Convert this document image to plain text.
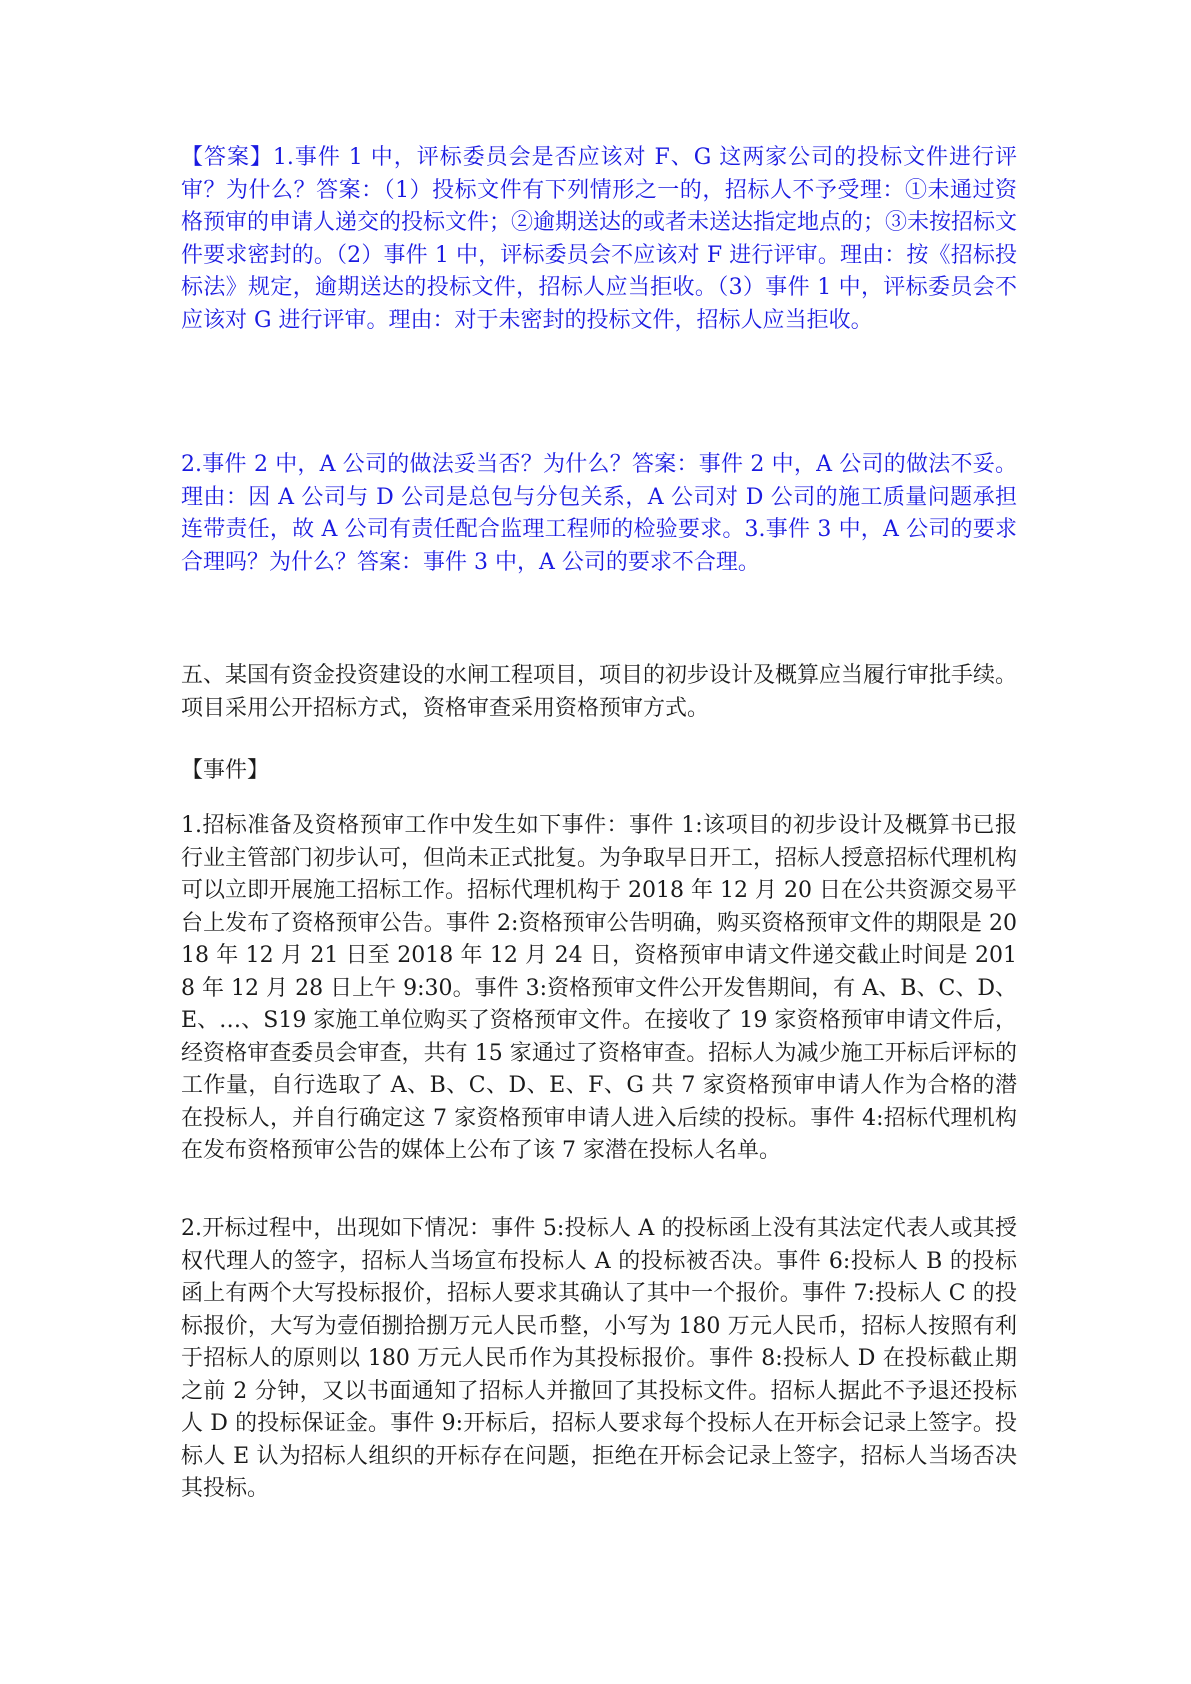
【答案】1.事件 1 中，评标委员会是否应该对 F、G 这两家公司的投标文件进行评审？为什么？答案：（1）投标文件有下列情形之一的，招标人不予受理：①未通过资格预审的申请人递交的投标文件；②逾期送达的或者未送达指定地点的；③未按招标文件要求密封的。（2）事件 1 中，评标委员会不应该对 F 进行评审。理由：按《招标投标法》规定，逾期送达的投标文件，招标人应当拒收。（3）事件 1 中，评标委员会不应该对 G 进行评审。理由：对于未密封的投标文件，招标人应当拒收。

2.事件 2 中，A 公司的做法妥当否？为什么？答案：事件 2 中，A 公司的做法不妥。理由：因 A 公司与 D 公司是总包与分包关系，A 公司对 D 公司的施工质量问题承担连带责任，故 A 公司有责任配合监理工程师的检验要求。3.事件 3 中，A 公司的要求合理吗？为什么？答案：事件 3 中，A 公司的要求不合理。

五、某国有资金投资建设的水闸工程项目，项目的初步设计及概算应当履行审批手续。项目采用公开招标方式，资格审查采用资格预审方式。

【事件】

1.招标准备及资格预审工作中发生如下事件：事件 1:该项目的初步设计及概算书已报行业主管部门初步认可，但尚未正式批复。为争取早日开工，招标人授意招标代理机构可以立即开展施工招标工作。招标代理机构于 2018 年 12 月 20 日在公共资源交易平台上发布了资格预审公告。事件 2:资格预审公告明确，购买资格预审文件的期限是 2018 年 12 月 21 日至 2018 年 12 月 24 日，资格预审申请文件递交截止时间是 2018 年 12 月 28 日上午 9:30。事件 3:资格预审文件公开发售期间，有 A、B、C、D、E、…、S19 家施工单位购买了资格预审文件。在接收了 19 家资格预审申请文件后，经资格审查委员会审查，共有 15 家通过了资格审查。招标人为减少施工开标后评标的工作量，自行选取了 A、B、C、D、E、F、G 共 7 家资格预审申请人作为合格的潜在投标人，并自行确定这 7 家资格预审申请人进入后续的投标。事件 4:招标代理机构在发布资格预审公告的媒体上公布了该 7 家潜在投标人名单。

2.开标过程中，出现如下情况：事件 5:投标人 A 的投标函上没有其法定代表人或其授权代理人的签字，招标人当场宣布投标人 A 的投标被否决。事件 6:投标人 B 的投标函上有两个大写投标报价，招标人要求其确认了其中一个报价。事件 7:投标人 C 的投标报价，大写为壹佰捌拾捌万元人民币整，小写为 180 万元人民币，招标人按照有利于招标人的原则以 180 万元人民币作为其投标报价。事件 8:投标人 D 在投标截止期之前 2 分钟，又以书面通知了招标人并撤回了其投标文件。招标人据此不予退还投标人 D 的投标保证金。事件 9:开标后，招标人要求每个投标人在开标会记录上签字。投标人 E 认为招标人组织的开标存在问题，拒绝在开标会记录上签字，招标人当场否决其投标。
